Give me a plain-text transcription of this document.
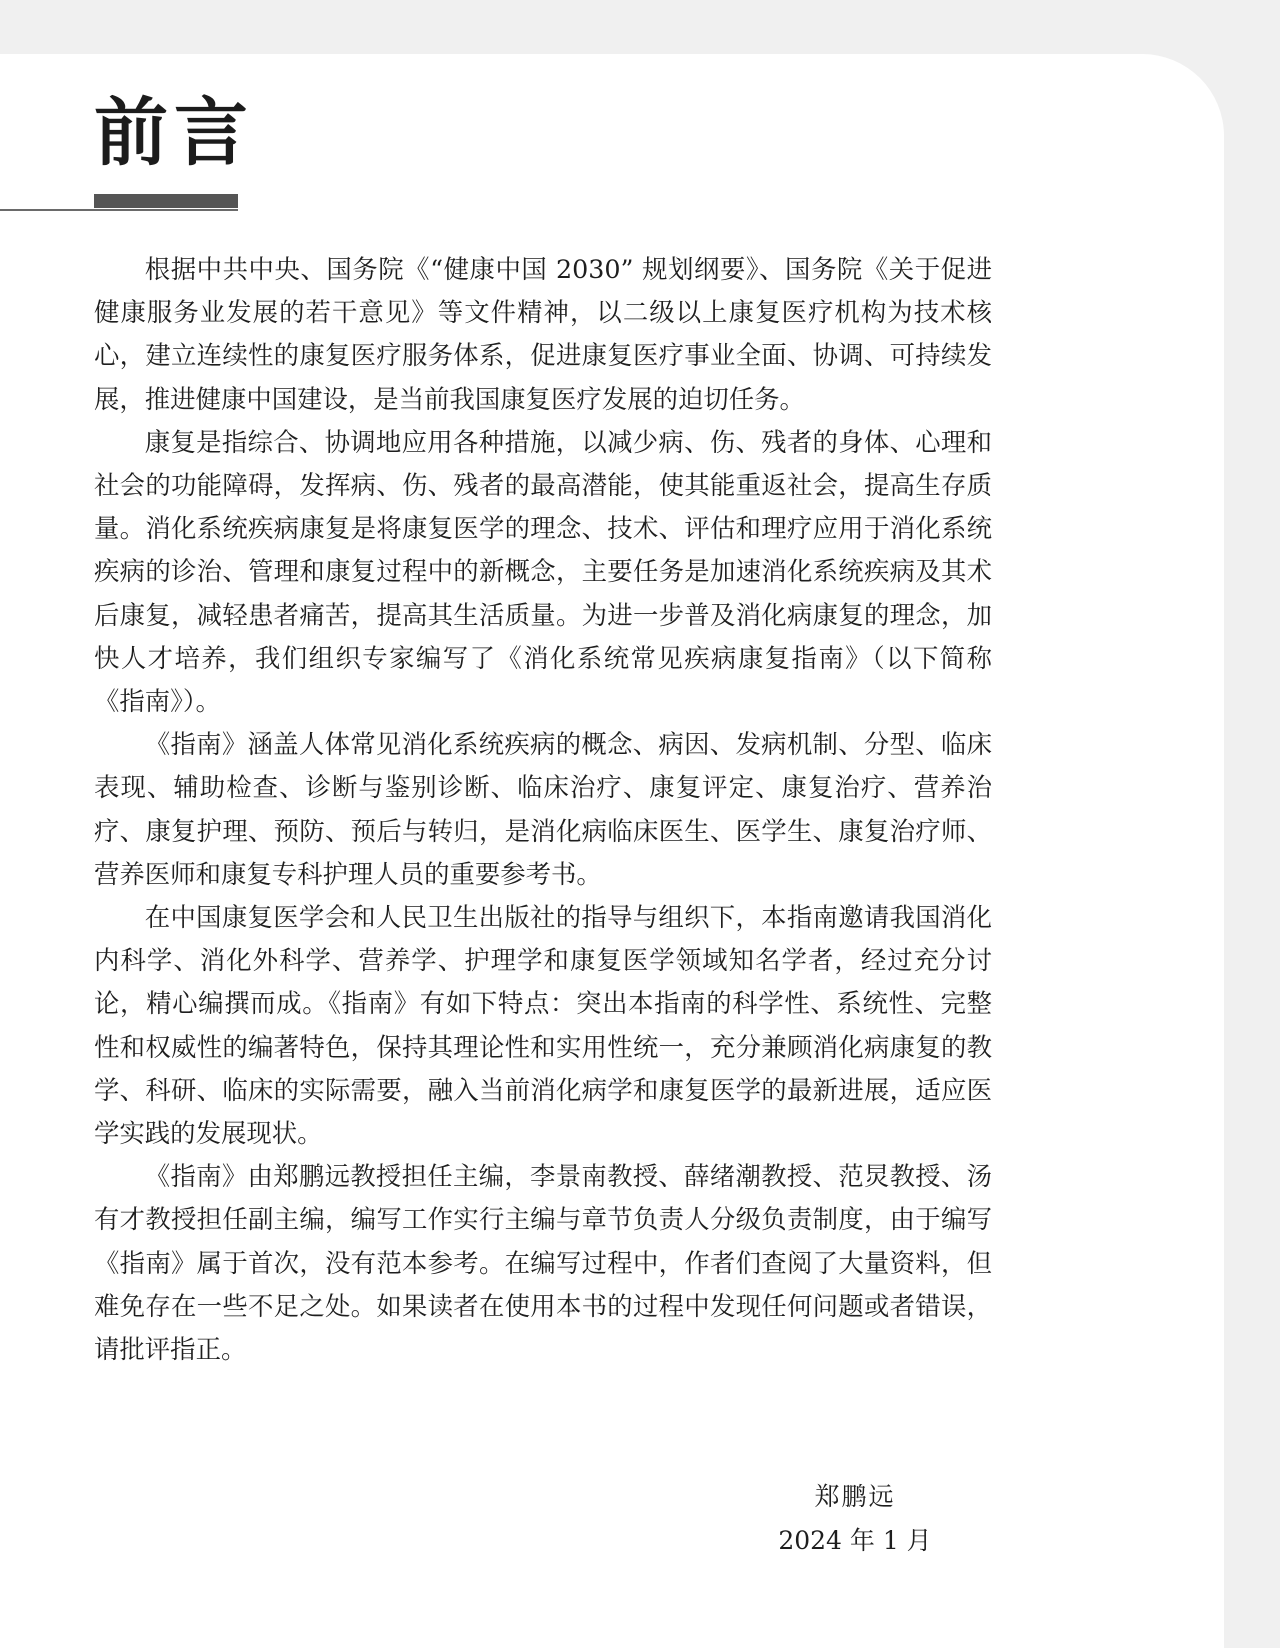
前言

根据中共中央、国务院《“健康中国 2030” 规划纲要》、国务院《关于促进健康服务业发展的若干意见》等文件精神，以二级以上康复医疗机构为技术核心，建立连续性的康复医疗服务体系，促进康复医疗事业全面、协调、可持续发展，推进健康中国建设，是当前我国康复医疗发展的迫切任务。

康复是指综合、协调地应用各种措施，以减少病、伤、残者的身体、心理和社会的功能障碍，发挥病、伤、残者的最高潜能，使其能重返社会，提高生存质量。消化系统疾病康复是将康复医学的理念、技术、评估和理疗应用于消化系统疾病的诊治、管理和康复过程中的新概念，主要任务是加速消化系统疾病及其术后康复，减轻患者痛苦，提高其生活质量。为进一步普及消化病康复的理念，加快人才培养，我们组织专家编写了《消化系统常见疾病康复指南》（以下简称《指南》）。

《指南》涵盖人体常见消化系统疾病的概念、病因、发病机制、分型、临床表现、辅助检查、诊断与鉴别诊断、临床治疗、康复评定、康复治疗、营养治疗、康复护理、预防、预后与转归，是消化病临床医生、医学生、康复治疗师、营养医师和康复专科护理人员的重要参考书。

在中国康复医学会和人民卫生出版社的指导与组织下，本指南邀请我国消化内科学、消化外科学、营养学、护理学和康复医学领域知名学者，经过充分讨论，精心编撰而成。《指南》有如下特点：突出本指南的科学性、系统性、完整性和权威性的编著特色，保持其理论性和实用性统一，充分兼顾消化病康复的教学、科研、临床的实际需要，融入当前消化病学和康复医学的最新进展，适应医学实践的发展现状。

《指南》由郑鹏远教授担任主编，李景南教授、薛绪潮教授、范炅教授、汤有才教授担任副主编，编写工作实行主编与章节负责人分级负责制度，由于编写《指南》属于首次，没有范本参考。在编写过程中，作者们查阅了大量资料，但难免存在一些不足之处。如果读者在使用本书的过程中发现任何问题或者错误，请批评指正。

郑鹏远
2024 年 1 月
